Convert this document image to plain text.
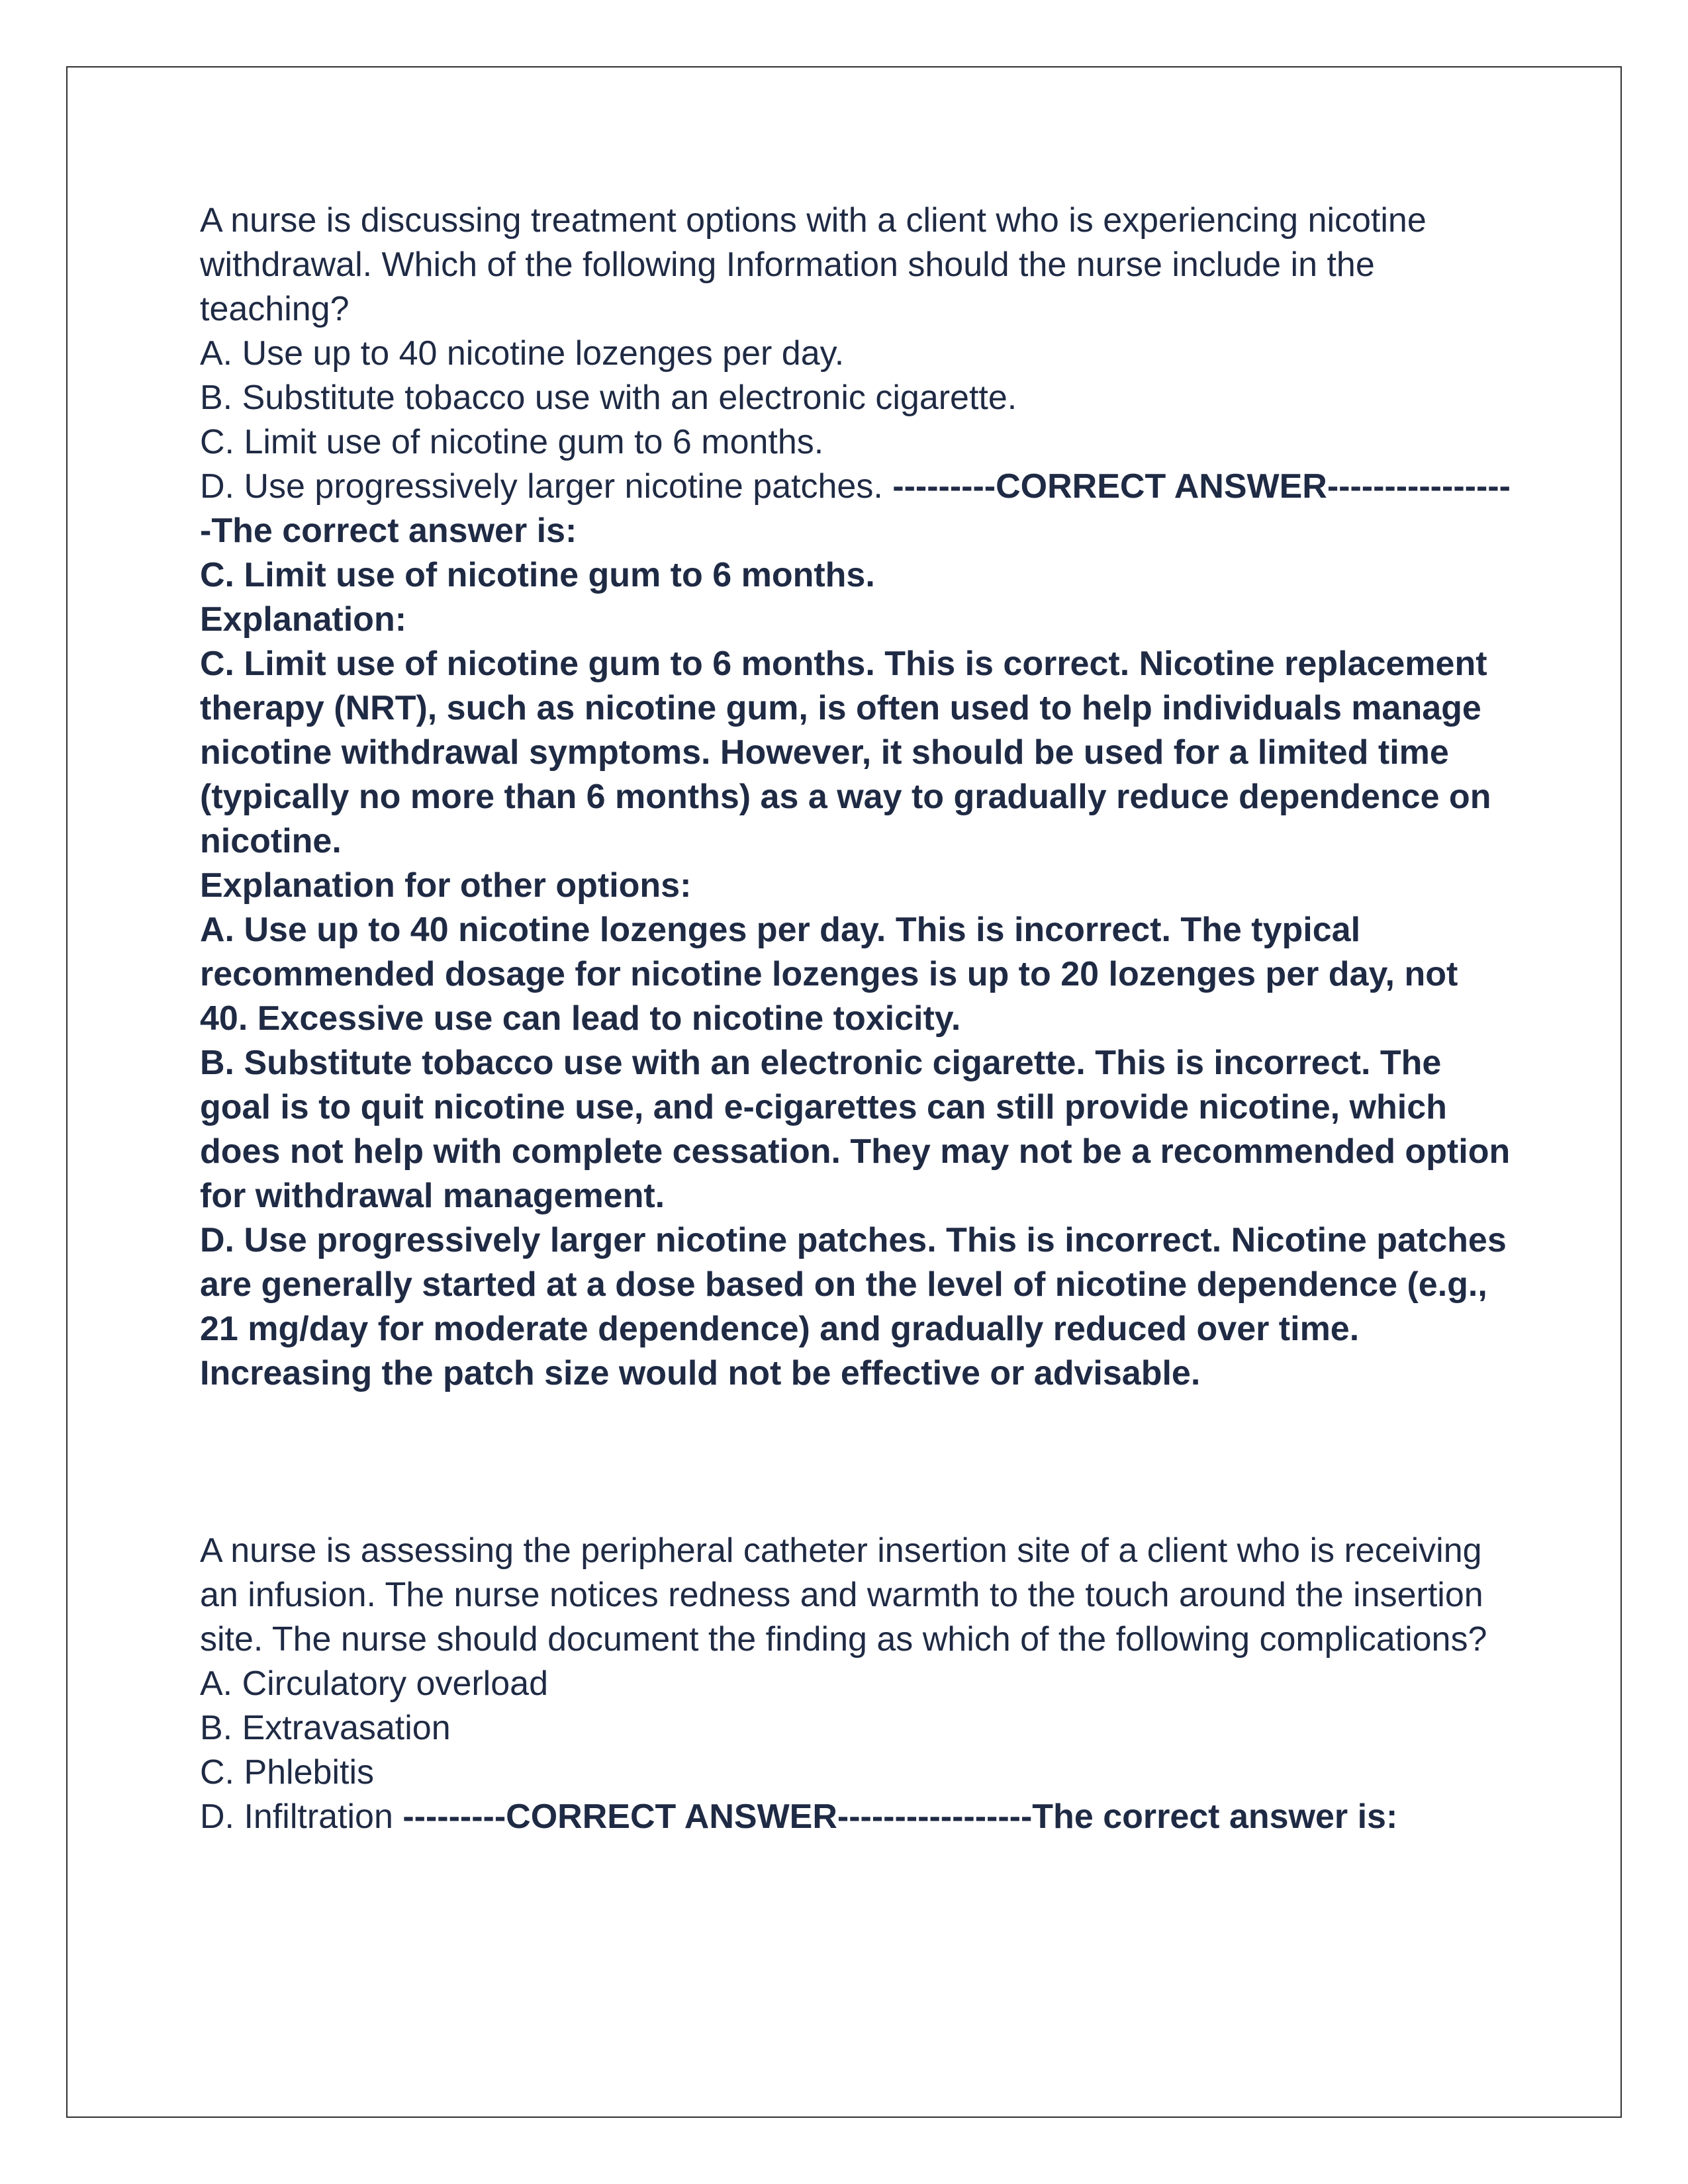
A nurse is discussing treatment options with a client who is experiencing nicotine withdrawal. Which of the following Information should the nurse include in the teaching?

A. Use up to 40 nicotine lozenges per day.

B. Substitute tobacco use with an electronic cigarette.

C. Limit use of nicotine gum to 6 months.

D. Use progressively larger nicotine patches. ---------CORRECT ANSWER-----------------The correct answer is:

C. Limit use of nicotine gum to 6 months.

Explanation:

C. Limit use of nicotine gum to 6 months. This is correct. Nicotine replacement therapy (NRT), such as nicotine gum, is often used to help individuals manage nicotine withdrawal symptoms. However, it should be used for a limited time (typically no more than 6 months) as a way to gradually reduce dependence on nicotine.

Explanation for other options:

A. Use up to 40 nicotine lozenges per day. This is incorrect. The typical recommended dosage for nicotine lozenges is up to 20 lozenges per day, not 40. Excessive use can lead to nicotine toxicity.

B. Substitute tobacco use with an electronic cigarette. This is incorrect. The goal is to quit nicotine use, and e-cigarettes can still provide nicotine, which does not help with complete cessation. They may not be a recommended option for withdrawal management.

D. Use progressively larger nicotine patches. This is incorrect. Nicotine patches are generally started at a dose based on the level of nicotine dependence (e.g., 21 mg/day for moderate dependence) and gradually reduced over time. Increasing the patch size would not be effective or advisable.

A nurse is assessing the peripheral catheter insertion site of a client who is receiving an infusion. The nurse notices redness and warmth to the touch around the insertion site. The nurse should document the finding as which of the following complications?

A. Circulatory overload

B. Extravasation

C. Phlebitis

D. Infiltration ---------CORRECT ANSWER-----------------The correct answer is:
